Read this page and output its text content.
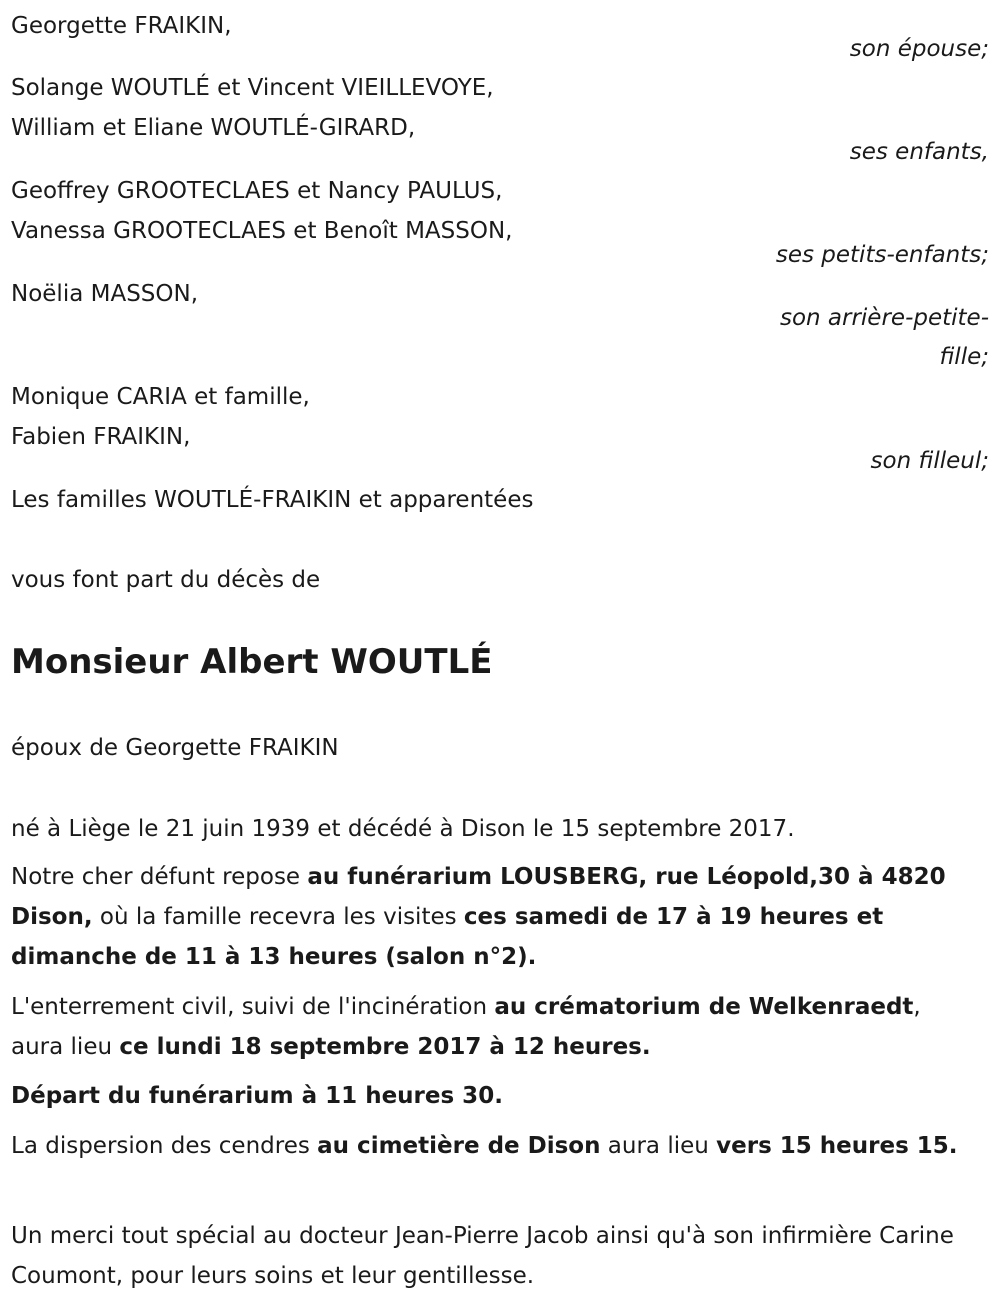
Georgette FRAIKIN,
son épouse;
Solange WOUTLÉ et Vincent VIEILLEVOYE,
William et Eliane WOUTLÉ-GIRARD,
ses enfants,
Geoffrey GROOTECLAES et Nancy PAULUS,
Vanessa GROOTECLAES et Benoît MASSON,
ses petits-enfants;
Noëlia MASSON,
son arrière-petite-
fille;
Monique CARIA et famille,
Fabien FRAIKIN,
son filleul;
Les familles WOUTLÉ-FRAIKIN et apparentées
vous font part du décès de
Monsieur Albert WOUTLÉ
époux de Georgette FRAIKIN
né à Liège le 21 juin 1939 et décédé à Dison le 15 septembre 2017.
Notre cher défunt repose au funérarium LOUSBERG, rue Léopold,30 à 4820 Dison, où la famille recevra les visites ces samedi de 17 à 19 heures et dimanche de 11 à 13 heures (salon n°2).
L'enterrement civil, suivi de l'incinération au crématorium de Welkenraedt, aura lieu ce lundi 18 septembre 2017 à 12 heures.
Départ du funérarium à 11 heures 30.
La dispersion des cendres au cimetière de Dison aura lieu vers 15 heures 15.
Un merci tout spécial au docteur Jean-Pierre Jacob ainsi qu'à son infirmière Carine Coumont, pour leurs soins et leur gentillesse.
